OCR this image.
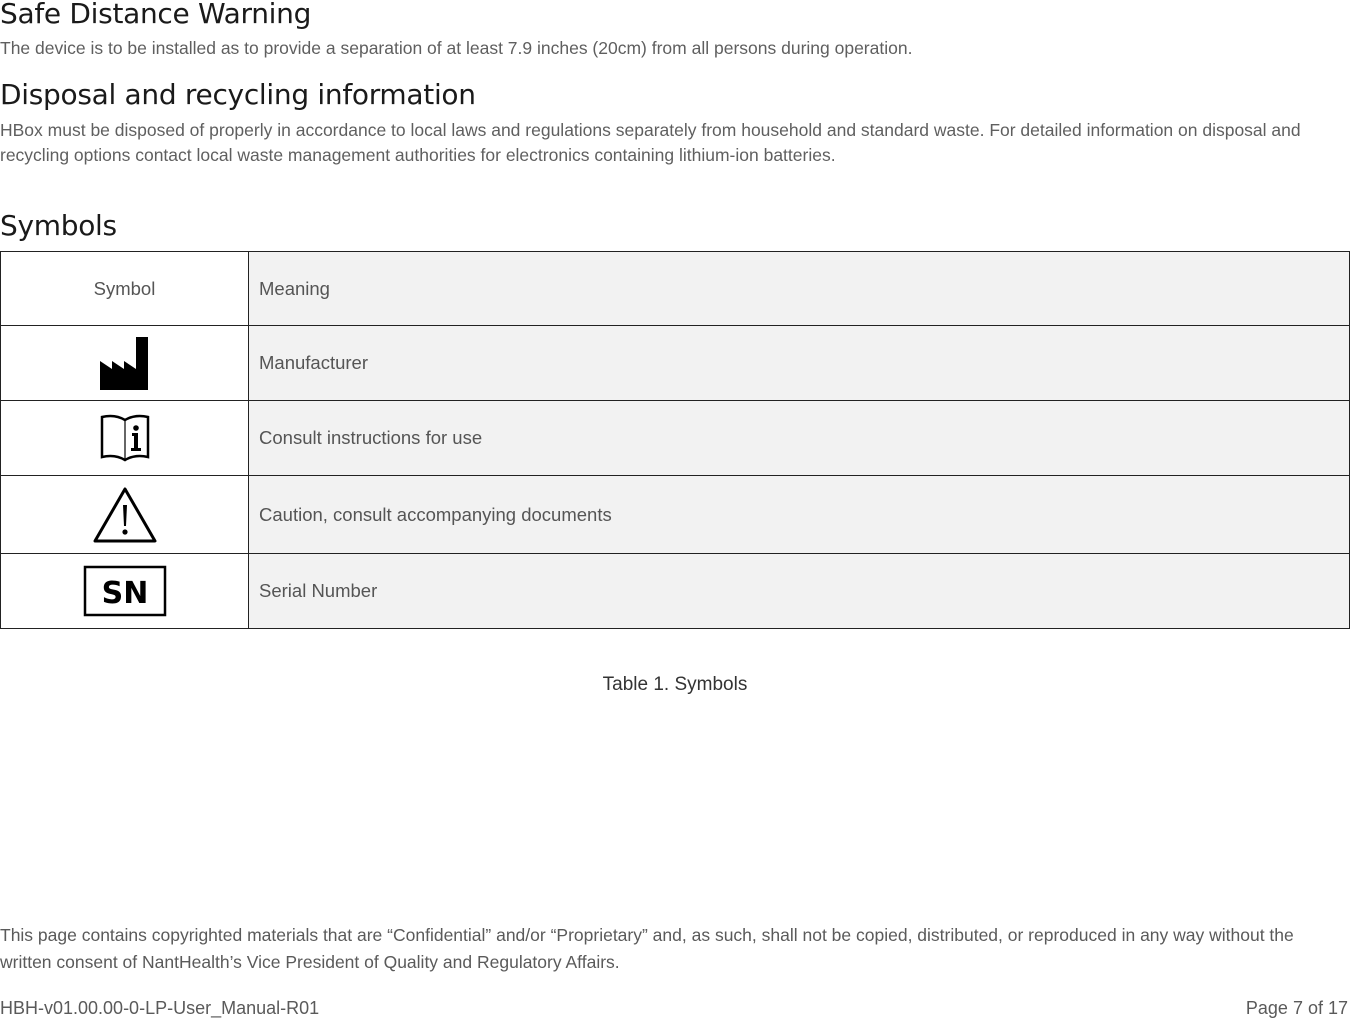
Safe Distance Warning

The device is to be installed as to provide a separation of at least 7.9 inches (20cm) from all persons during operation.

Disposal and recycling information

HBox must be disposed of properly in accordance to local laws and regulations separately from household and standard waste. For detailed information on disposal and recycling options contact local waste management authorities for electronics containing lithium-ion batteries.

Symbols
Symbol	Meaning
	Manufacturer
	Consult instructions for use
	Caution, consult accompanying documents

SN	Serial Number
Table 1. Symbols

This page contains copyrighted materials that are “Confidential” and/or “Proprietary” and, as such, shall not be copied, distributed, or reproduced in any way without the written consent of NantHealth’s Vice President of Quality and Regulatory Affairs.

HBH-v01.00.00-0-LP-User_Manual-R01	Page 7 of 17
